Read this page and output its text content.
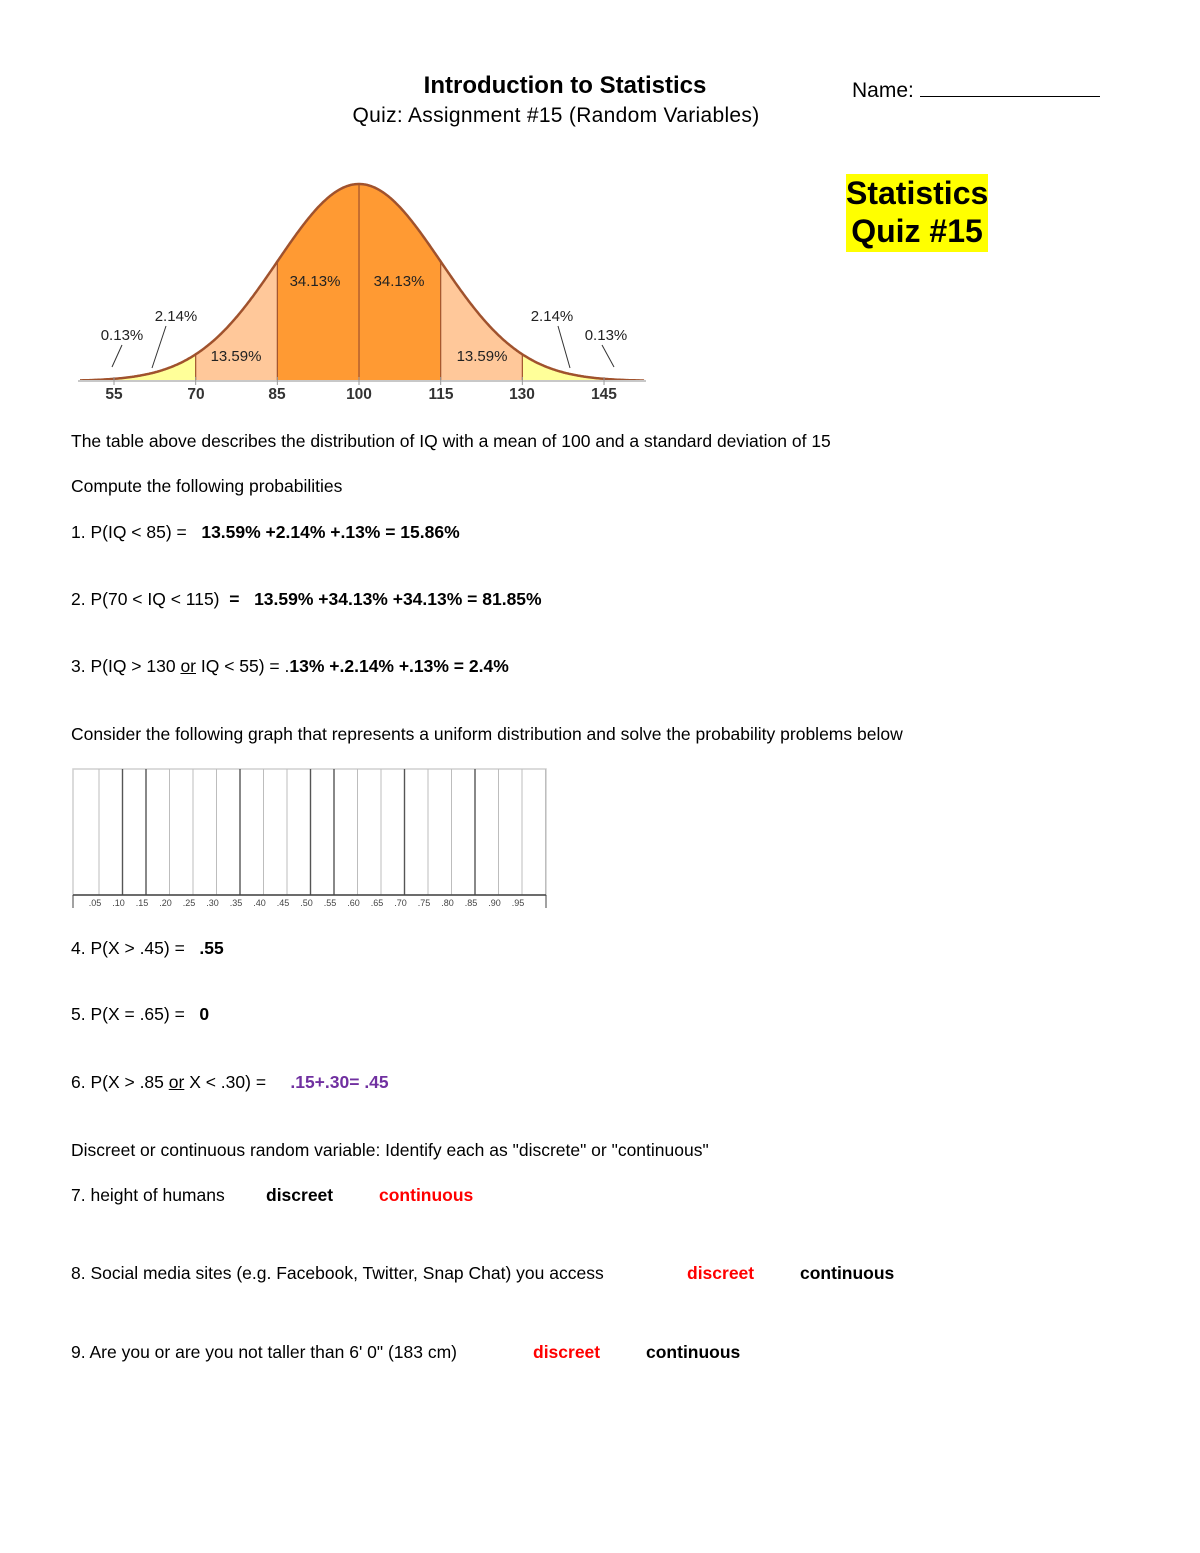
Introduction to Statistics
Quiz: Assignment #15 (Random Variables)
Name:
Statistics
Quiz #15
34.13% 34.13%
13.59%	13.59%
2.14%	2.14%
0.13%	0.13%
55	70	85	100	115	130	145
The table above describes the distribution of IQ with a mean of 100 and a standard deviation of 15
Compute the following probabilities
1. P(IQ < 85) = 13.59% +2.14% +.13% = 15.86%
2. P(70 < IQ < 115) = 13.59% +34.13% +34.13% = 81.85%
3. P(IQ > 130 or IQ < 55) = .13% +.2.14% +.13% = 2.4%
Consider the following graph that represents a uniform distribution and solve the probability problems below
.05 .10 .15 .20 .25 .30 .35 .40 .45 .50 .55 .60 .65 .70 .75 .80 .85 .90 .95
4. P(X > .45) = .55
5. P(X = .65) = 0
6. P(X > .85 or X < .30) = .15+.30= .45
Discreet or continuous random variable: Identify each as "discrete" or "continuous"
7. height of humans discreet	continuous
8. Social media sites (e.g. Facebook, Twitter, Snap Chat) you access	discreet	continuous
9. Are you or are you not taller than 6' 0" (183 cm)	discreet	continuous
